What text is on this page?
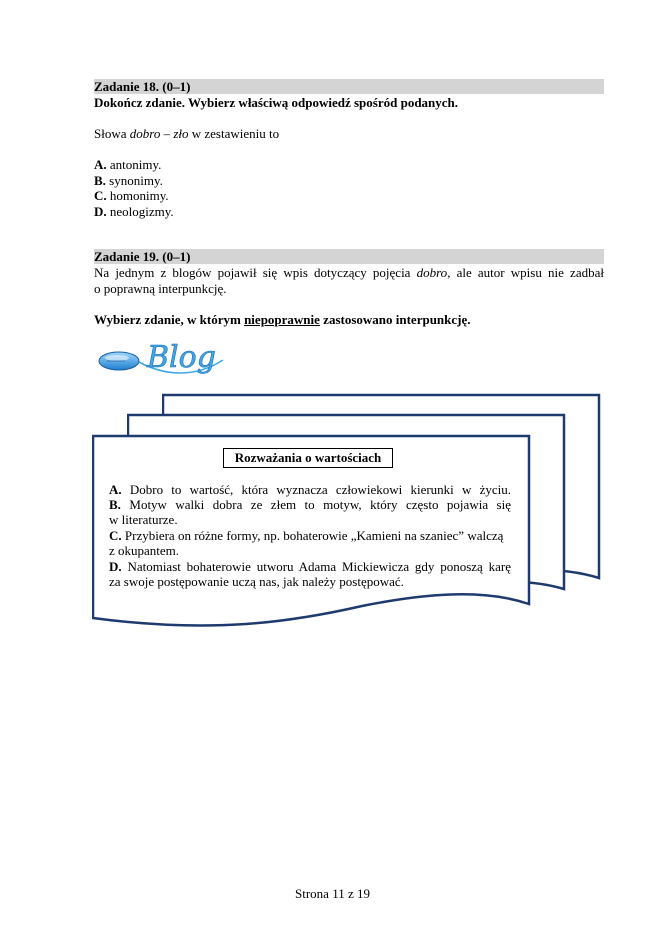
Zadanie 18. (0–1)
Dokończ zdanie. Wybierz właściwą odpowiedź spośród podanych.
Słowa dobro – zło w zestawieniu to
A. antonimy.
B. synonimy.
C. homonimy.
D. neologizmy.
Zadanie 19. (0–1)
Na jednym z blogów pojawił się wpis dotyczący pojęcia dobro, ale autor wpisu nie zadbał
o poprawną interpunkcję.
Wybierz zdanie, w którym niepoprawnie zastosowano interpunkcję.
Blog
Rozważania o wartościach
A. Dobro to wartość, która wyznacza człowiekowi kierunki w życiu.
B. Motyw walki dobra ze złem to motyw, który często pojawia się
w literaturze.
C. Przybiera on różne formy, np. bohaterowie „Kamieni na szaniec” walczą
z okupantem.
D. Natomiast bohaterowie utworu Adama Mickiewicza gdy ponoszą karę
za swoje postępowanie uczą nas, jak należy postępować.
Strona 11 z 19
